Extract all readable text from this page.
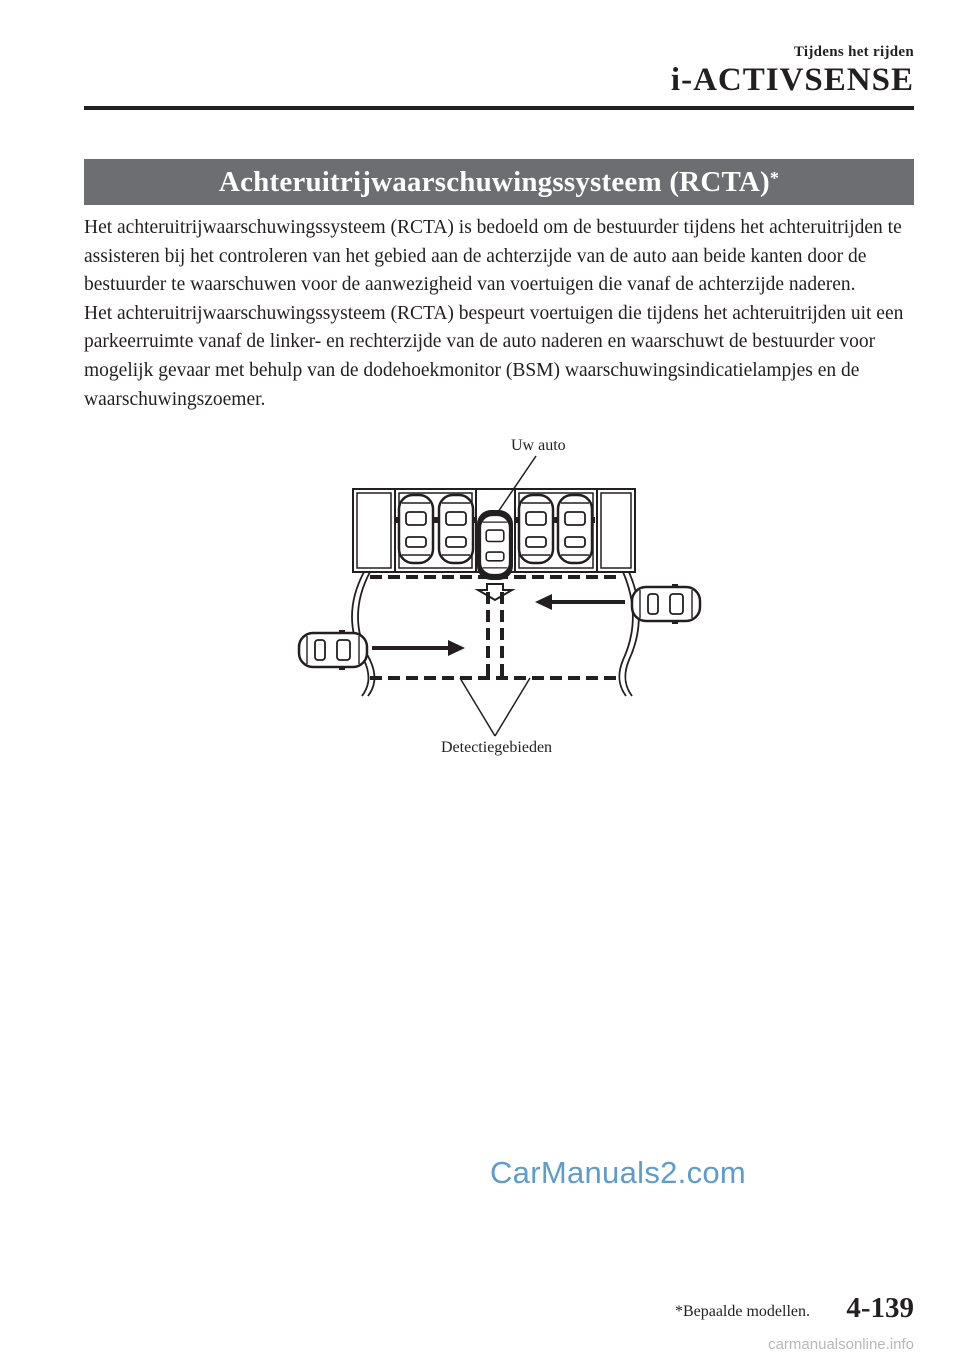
Tijdens het rijden
i-ACTIVSENSE
Achteruitrijwaarschuwingssysteem (RCTA)*

Het achteruitrijwaarschuwingssysteem (RCTA) is bedoeld om de bestuurder tijdens het achteruitrijden te assisteren bij het controleren van het gebied aan de achterzijde van de auto aan beide kanten door de bestuurder te waarschuwen voor de aanwezigheid van voertuigen die vanaf de achterzijde naderen.

Het achteruitrijwaarschuwingssysteem (RCTA) bespeurt voertuigen die tijdens het achteruitrijden uit een parkeerruimte vanaf de linker- en rechterzijde van de auto naderen en waarschuwt de bestuurder voor mogelijk gevaar met behulp van de dodehoekmonitor (BSM) waarschuwingsindicatielampjes en de waarschuwingszoemer.

Uw auto
Detectiegebieden
CarManuals2.com
*Bepaalde modellen. 4-139
carmanualsonline.info
